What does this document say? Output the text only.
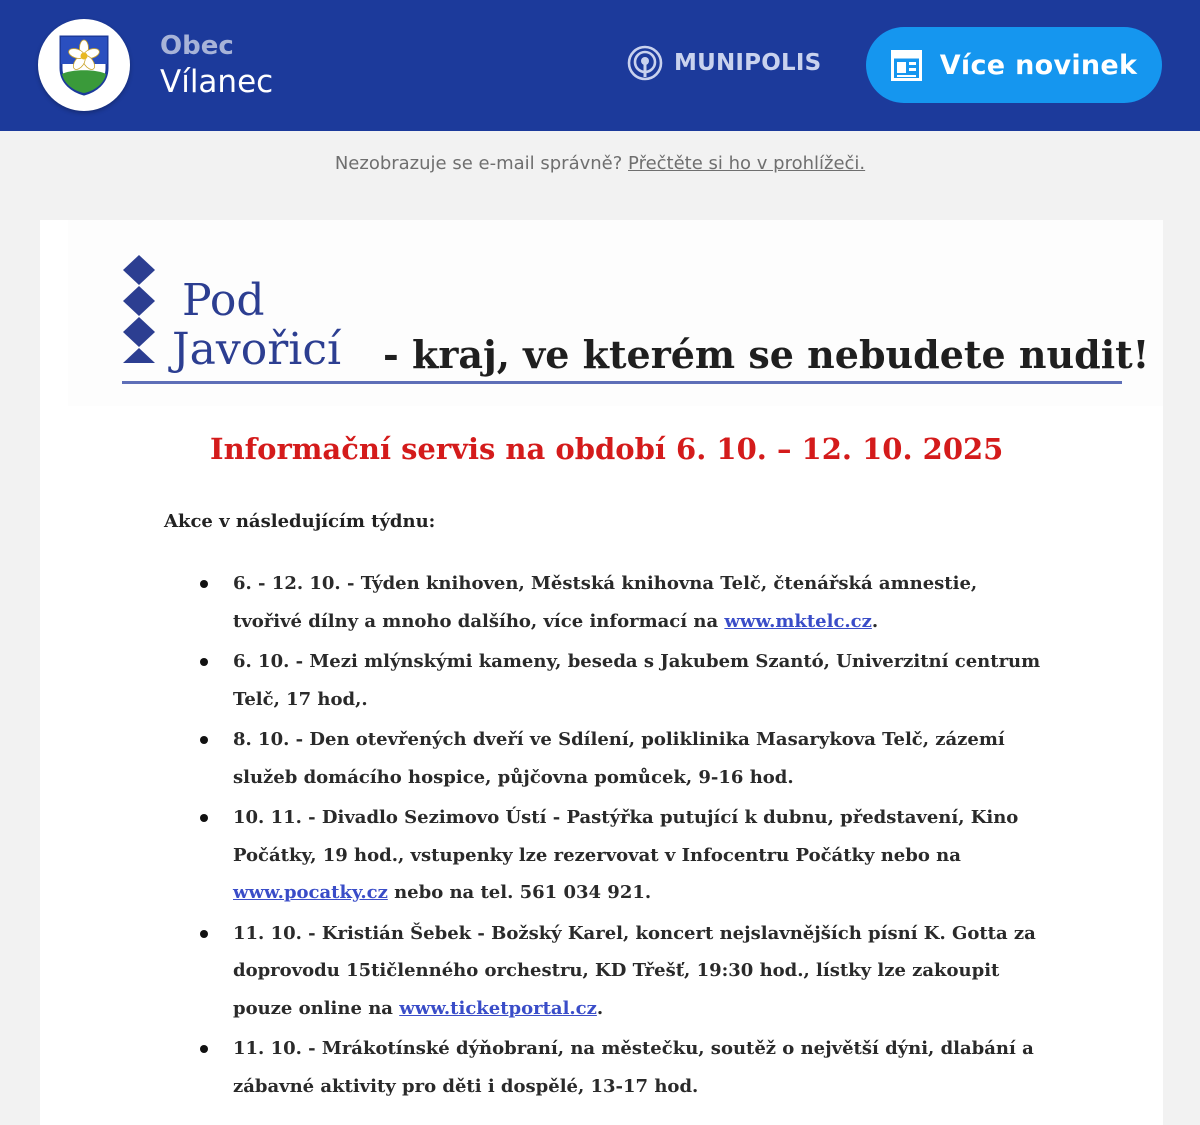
Obec
Vílanec
MUNIPOLIS	Více novinek
Nezobrazuje se e-mail správně? Přečtěte si ho v prohlížeči.
Pod
Javořicí - kraj, ve kterém se nebudete nudit!
Informační servis na období 6. 10. – 12. 10. 2025
Akce v následujícím týdnu:
6. - 12. 10. - Týden knihoven, Městská knihovna Telč, čtenářská amnestie, tvořivé dílny a mnoho dalšího, více informací na www.mktelc.cz.
6. 10. - Mezi mlýnskými kameny, beseda s Jakubem Szantó, Univerzitní centrum Telč, 17 hod,.
8. 10. - Den otevřených dveří ve Sdílení, poliklinika Masarykova Telč, zázemí služeb domácího hospice, půjčovna pomůcek, 9-16 hod.
10. 11. - Divadlo Sezimovo Ústí - Pastýřka putující k dubnu, představení, Kino Počátky, 19 hod., vstupenky lze rezervovat v Infocentru Počátky nebo na www.pocatky.cz nebo na tel. 561 034 921.
11. 10. - Kristián Šebek - Božský Karel, koncert nejslavnějších písní K. Gotta za doprovodu 15tičlenného orchestru, KD Třešť, 19:30 hod., lístky lze zakoupit pouze online na www.ticketportal.cz.
11. 10. - Mrákotínské dýňobraní, na městečku, soutěž o největší dýni, dlabání a zábavné aktivity pro děti i dospělé, 13-17 hod.
